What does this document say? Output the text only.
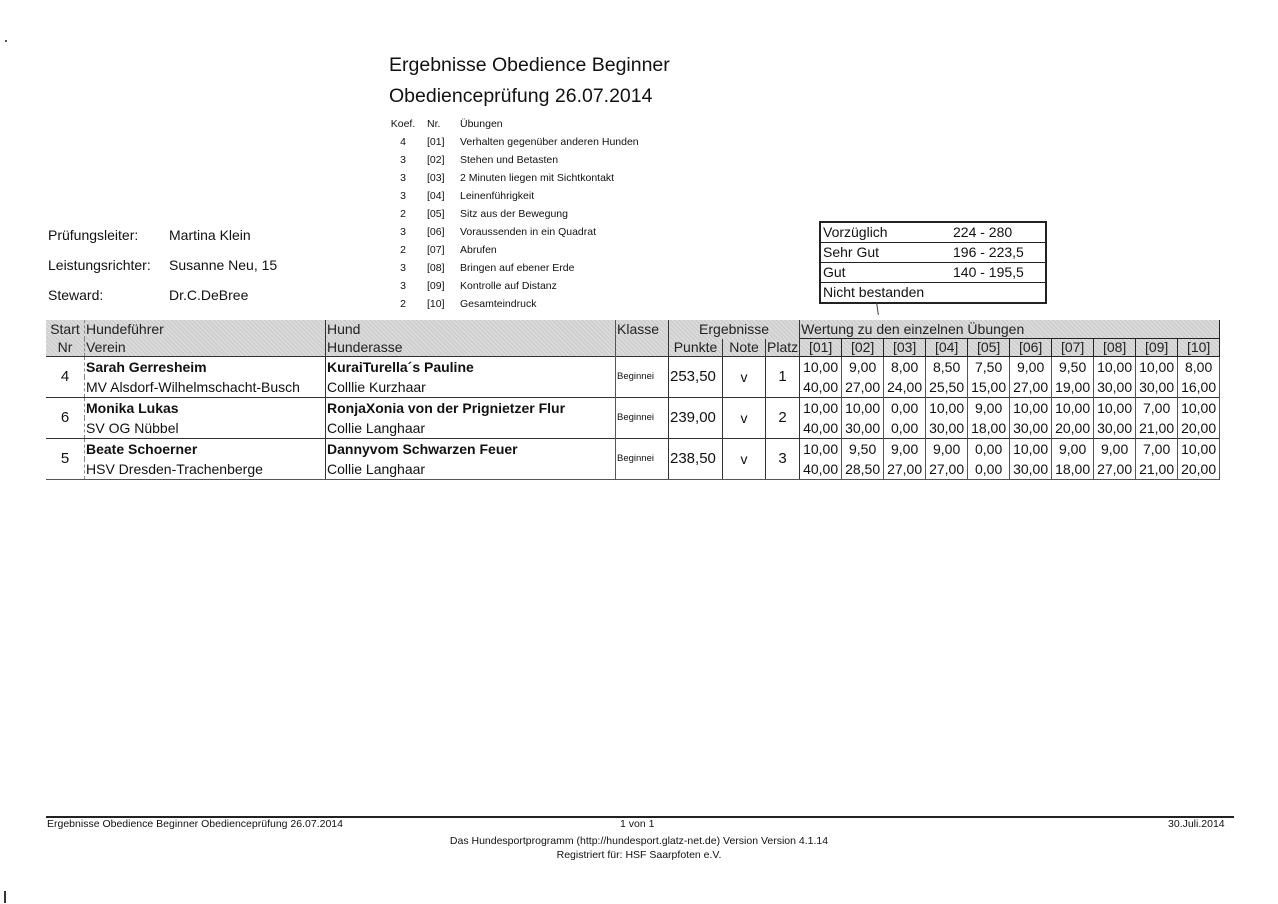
Ergebnisse Obedience Beginner
Obedienceprüfung 26.07.2014
Koef.	Nr.	Übungen
4	[01]	Verhalten gegenüber anderen Hunden
3	[02]	Stehen und Betasten
3	[03]	2 Minuten liegen mit Sichtkontakt
3	[04]	Leinenführigkeit
2	[05]	Sitz aus der Bewegung
3	[06]	Voraussenden in ein Quadrat
2	[07]	Abrufen
3	[08]	Bringen auf ebener Erde
3	[09]	Kontrolle auf Distanz
2	[10]	Gesamteindruck
Prüfungsleiter: Martina Klein
Leistungsrichter: Susanne Neu, 15
Steward:	Dr.C.DeBree
Vorzüglich	224 - 280
Sehr Gut	196 - 223,5
Gut	140 - 195,5
Nicht bestanden	
Start	Hundeführer	Hund	Klasse	Ergebnisse			Wertung zu den einzelnen Übungen									
Nr	Verein	Hunderasse		Punkte	Note	Platz	[01]	[02]	[03]	[04]	[05]	[06]	[07]	[08]	[09]	[10]
4	Sarah Gerresheim	KuraiTurella´s Pauline	Beginnei	253,50	v	1	10,00	9,00	8,00	8,50	7,50	9,00	9,50	10,00	10,00	8,00
	MV Alsdorf-Wilhelmschacht-Busch	Colllie Kurzhaar					40,00	27,00	24,00	25,50	15,00	27,00	19,00	30,00	30,00	16,00
6	Monika Lukas	RonjaXonia von der Prignietzer Flur	Beginnei	239,00	v	2	10,00	10,00	0,00	10,00	9,00	10,00	10,00	10,00	7,00	10,00
	SV OG Nübbel	Collie Langhaar					40,00	30,00	0,00	30,00	18,00	30,00	20,00	30,00	21,00	20,00
5	Beate Schoerner	Dannyvom Schwarzen Feuer	Beginnei	238,50	v	3	10,00	9,50	9,00	9,00	0,00	10,00	9,00	9,00	7,00	10,00
	HSV Dresden-Trachenberge	Collie Langhaar					40,00	28,50	27,00	27,00	0,00	30,00	18,00	27,00	21,00	20,00
Ergebnisse Obedience Beginner Obedienceprüfung 26.07.2014	1 von 1	30.Juli.2014
Das Hundesportprogramm (http://hundesport.glatz-net.de) Version Version 4.1.14
Registriert für: HSF Saarpfoten e.V.
